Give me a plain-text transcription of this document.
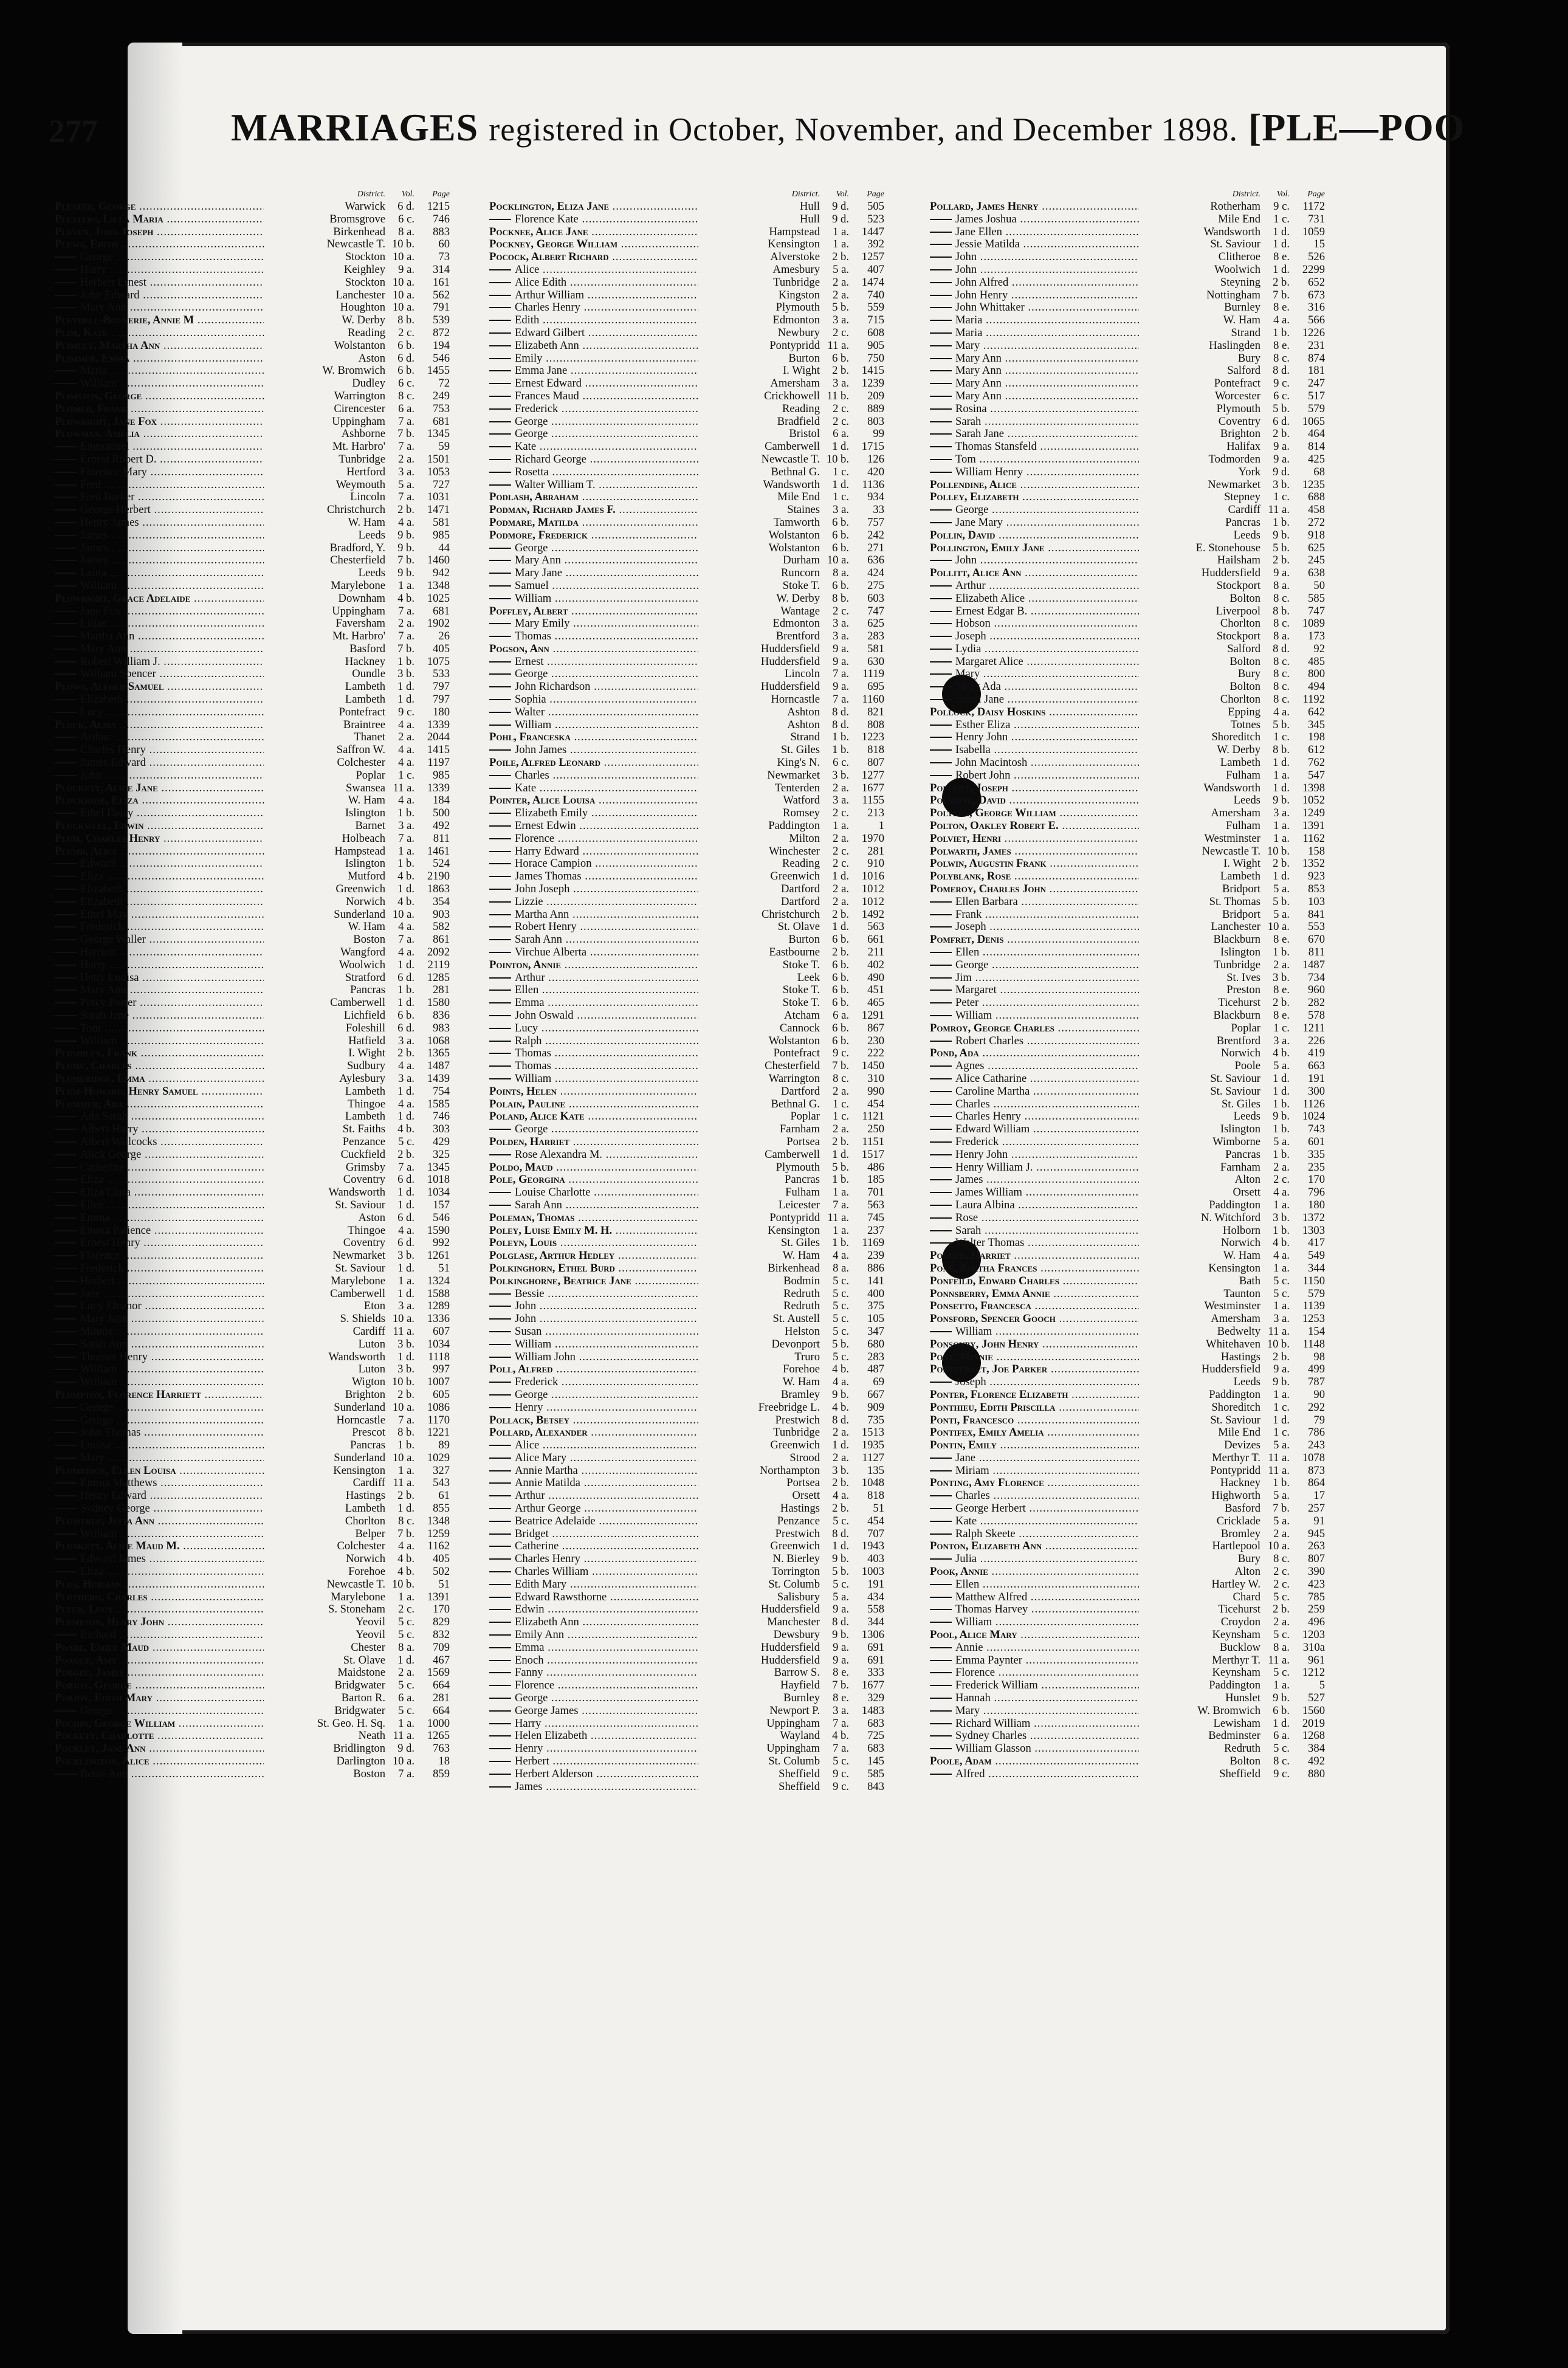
277	MARRIAGES registered in October, November, and December 1898. [PLE—POO
District.	Vol.	Page
Plester, George .....	Warwick	6 d.	1215
Plesters, Lilla Maria .....	Bromsgrove	6 c.	746
Pleven, John Joseph .....	Birkenhead	8 a.	883
Plews, Edith .....	Newcastle T. 10 b.	60
George .....	Stockton 10 a.	73
Harry .....	Keighley	9 a.	314
Herbert Ernest .....	Stockton 10 a.	161
John Edward .....	Lanchester 10 a.	562
Mary Ann .....	Houghton 10 a.	791
Pleydell-Bouverie, Annie M .....	W. Derby	8 b.	539
Plim, Kate .....	Reading	2 c.	872
Plimley, Martha Ann .....	Wolstanton	6 b.	194
Plimmer, Emma .....	Aston	6 d.	546
Maria .....	W. Bromwich	6 b.	1455
William .....	Dudley	6 c.	72
Plimston, George .....	Warrington	8 c.	249
Plomer, Frank .....	Cirencester	6 a.	753
Plowright, Jane Fox .....	Uppingham	7 a.	681
Plowman, Amelia .....	Ashborne	7 b.	1345
Emmanuel .....	Mt. Harbro'	7 a.	59
Ernest Robert D. .....	Tunbridge	2 a.	1501
Florence Mary .....	Hertford	3 a.	1053
Fred .....	Weymouth	5 a.	727
Fred Barker .....	Lincoln	7 a.	1031
George Herbert .....	Christchurch	2 b.	1471
Henry James .....	W. Ham	4 a.	581
James .....	Leeds	9 b.	985
James .....	Bradford, Y.	9 b.	44
James .....	Chesterfield	7 b.	1460
Laura .....	Leeds	9 b.	942
William .....	Marylebone	1 a.	1348
Plowright, Grace Adelaide .....	Downham	4 b.	1025
Jane Fox .....	Uppingham	7 a.	681
Lilian .....	Faversham	2 a.	1902
Martha Ann .....	Mt. Harbro'	7 a.	26
Mary Ann .....	Basford	7 b.	405
Robert William J. .....	Hackney	1 b.	1075
William Spencer .....	Oundle	3 b.	533
Plows, Alfred Samuel .....	Lambeth	1 d.	797
Elizabeth .....	Lambeth	1 d.	797
Lucy .....	Pontefract	9 c.	180
Pluck, Alma .....	Braintree	4 a.	1339
Arthur .....	Thanet	2 a.	2044
Charles Henry .....	Saffron W.	4 a.	1415
James Edward .....	Colchester	4 a.	1197
John .....	Poplar	1 c.	985
Pluckett, Alice Jane .....	Swansea 11 a.	1339
Pluckrose, Eliza .....	W. Ham	4 a.	184
Ethel Daisy .....	Islington	1 b.	500
Pluckwell, Edwin .....	Barnet	3 a.	492
Plum, Charles Henry .....	Holbeach	7 a.	811
Plumb, Alice .....	Hampstead	1 a.	1461
Edward .....	Islington	1 b.	524
Eliza .....	Mutford	4 b.	2190
Elizabeth .....	Greenwich	1 d.	1863
Elizabeth .....	Norwich	4 b.	354
Ethel May .....	Sunderland 10 a.	903
Frederick .....	W. Ham	4 a.	582
George Waller .....	Boston	7 a.	861
Harriett .....	Wangford	4 a.	2092
Harry .....	Woolwich	1 d.	2119
Hetty Louisa .....	Stratford	6 d.	1285
Mary Ann .....	Pancras	1 b.	281
Percy Porter .....	Camberwell	1 d.	1580
Sarah Jane .....	Lichfield	6 b.	836
Tom .....	Foleshill	6 d.	983
William .....	Hatfield	3 a.	1068
Plumbley, Frank .....	I. Wight	2 b.	1365
Plume, Charles .....	Sudbury	4 a.	1487
Plumeridge, Emma .....	Aylesbury	3 a.	1439
Plum-Howard, Henry Samuel .....	Lambeth	1 d.	754
Plummer, Ada .....	Thingoe	4 a.	1585
Ada Sarah .....	Lambeth	1 d.	746
Albert Harry .....	St. Faiths	4 b.	303
Albert Willcocks .....	Penzance	5 c.	429
Alick George .....	Cuckfield	2 b.	325
Catherine .....	Grimsby	7 a.	1345
Eliza .....	Coventry	6 d.	1018
Eliza Clara .....	Wandsworth	1 d.	1034
Ellen .....	St. Saviour	1 d.	157
Emma .....	Aston	6 d.	546
Emma Patience .....	Thingoe	4 a.	1590
Ernest Henry .....	Coventry	6 d.	992
Florence .....	Newmarket	3 b.	1261
Frederick .....	St. Saviour	1 d.	51
Herbert .....	Marylebone	1 a.	1324
Jane .....	Camberwell	1 d.	1588
Lucy Eleanor .....	Eton	3 a.	1289
Mary Jane .....	S. Shields 10 a.	1336
Minnie .....	Cardiff 11 a.	607
Sarah Ann .....	Luton	3 b.	1034
Thomas Henry .....	Wandsworth	1 d.	1118
William .....	Luton	3 b.	997
William .....	Wigton 10 b.	1007
Plumpton, Florence Harriett .....	Brighton	2 b.	605
George .....	Sunderland 10 a.	1086
George .....	Horncastle	7 a.	1170
John Thomas .....	Prescot	8 b.	1221
Louisa .....	Pancras	1 b.	89
Mary .....	Sunderland 10 a.	1029
Plumridge, Ellen Louisa .....	Kensington	1 a.	327
Emma Matthews .....	Cardiff 11 a.	543
Henry Edward .....	Hastings	2 b.	61
Sydney George .....	Lambeth	1 d.	855
Plumtree, Julia Ann .....	Chorlton	8 c.	1348
William .....	Belper	7 b.	1259
Plunkett, Alice Maud M. .....	Colchester	4 a.	1162
Edward James .....	Norwich	4 b.	405
Eliza .....	Forehoe	4 b.	502
Plus, Herman .....	Newcastle T. 10 b.	51
Pluthero, Charles .....	Marylebone	1 a.	1391
Plyer, Lucy .....	S. Stoneham	2 c.	170
Plympton, Henry John .....	Yeovil	5 c.	829
Richard .....	Yeovil	5 c.	832
Poade, Emily Maud .....	Chester	8 a.	709
Poague, Amy .....	St. Olave	1 d.	467
Pobgee, James .....	Maidstone	2 a.	1569
Pobjoy, George .....	Bridgwater	5 c.	664
Pobjoy, Edith Mary .....	Barton R.	6 a.	281
George .....	Bridgwater	5 c.	664
Pochin, George William .....	St. Geo. H. Sq.	1 a.	1000
Pockett, Charlotte .....	Neath 11 a.	1265
Pockley, Jane Ann .....	Bridlington	9 d.	763
Pocklington, Alice .....	Darlington 10 a.	18
Betsy Ann .....	Boston	7 a.	859
District.	Vol.	Page
Pocklington, Eliza Jane .....	Hull	9 d.	505
Florence Kate .....	Hull	9 d.	523
Pocknee, Alice Jane .....	Hampstead	1 a.	1447
Pockney, George William .....	Kensington	1 a.	392
Pocock, Albert Richard .....	Alverstoke	2 b.	1257
Alice .....	Amesbury	5 a.	407
Alice Edith .....	Tunbridge	2 a.	1474
Arthur William .....	Kingston	2 a.	740
Charles Henry .....	Plymouth	5 b.	559
Edith .....	Edmonton	3 a.	715
Edward Gilbert .....	Newbury	2 c.	608
Elizabeth Ann .....	Pontypridd 11 a.	905
Emily .....	Burton	6 b.	750
Emma Jane .....	I. Wight	2 b.	1415
Ernest Edward .....	Amersham	3 a.	1239
Frances Maud .....	Crickhowell 11 b.	209
Frederick .....	Reading	2 c.	889
George .....	Bradfield	2 c.	803
George .....	Bristol	6 a.	99
Kate .....	Camberwell	1 d.	1715
Richard George .....	Newcastle T. 10 b.	126
Rosetta .....	Bethnal G.	1 c.	420
Walter William T. .....	Wandsworth	1 d.	1136
Podlash, Abraham .....	Mile End	1 c.	934
Podman, Richard James F. .....	Staines	3 a.	33
Podmare, Matilda .....	Tamworth	6 b.	757
Podmore, Frederick .....	Wolstanton	6 b.	242
George .....	Wolstanton	6 b.	271
Mary Ann .....	Durham 10 a.	636
Mary Jane .....	Runcorn	8 a.	424
Samuel .....	Stoke T.	6 b.	275
William .....	W. Derby	8 b.	603
Poffley, Albert .....	Wantage	2 c.	747
Mary Emily .....	Edmonton	3 a.	625
Thomas .....	Brentford	3 a.	283
Pogson, Ann .....	Huddersfield	9 a.	581
Ernest .....	Huddersfield	9 a.	630
George .....	Lincoln	7 a.	1119
John Richardson .....	Huddersfield	9 a.	695
Sophia .....	Horncastle	7 a.	1160
Walter .....	Ashton	8 d.	821
William .....	Ashton	8 d.	808
Pohl, Franceska .....	Strand	1 b.	1223
John James .....	St. Giles	1 b.	818
Poile, Alfred Leonard .....	King's N.	6 c.	807
Charles .....	Newmarket	3 b.	1277
Kate .....	Tenterden	2 a.	1677
Pointer, Alice Louisa .....	Watford	3 a.	1155
Elizabeth Emily .....	Romsey	2 c.	213
Ernest Edwin .....	Paddington	1 a.	1
Florence .....	Milton	2 a.	1970
Harry Edward .....	Winchester	2 c.	281
Horace Campion .....	Reading	2 c.	910
James Thomas .....	Greenwich	1 d.	1016
John Joseph .....	Dartford	2 a.	1012
Lizzie .....	Dartford	2 a.	1012
Martha Ann .....	Christchurch	2 b.	1492
Robert Henry .....	St. Olave	1 d.	563
Sarah Ann .....	Burton	6 b.	661
Virchue Alberta .....	Eastbourne	2 b.	211
Pointon, Annie .....	Stoke T.	6 b.	402
Arthur .....	Leek	6 b.	490
Ellen .....	Stoke T.	6 b.	451
Emma .....	Stoke T.	6 b.	465
John Oswald .....	Atcham	6 a.	1291
Lucy .....	Cannock	6 b.	867
Ralph .....	Wolstanton	6 b.	230
Thomas .....	Pontefract	9 c.	222
Thomas .....	Chesterfield	7 b.	1450
William .....	Warrington	8 c.	310
Points, Helen .....	Dartford	2 a.	990
Polain, Pauline .....	Bethnal G.	1 c.	454
Poland, Alice Kate .....	Poplar	1 c.	1121
George .....	Farnham	2 a.	250
Polden, Harriet .....	Portsea	2 b.	1151
Rose Alexandra M. .....	Camberwell	1 d.	1517
Poldo, Maud .....	Plymouth	5 b.	486
Pole, Georgina .....	Pancras	1 b.	185
Louise Charlotte .....	Fulham	1 a.	701
Sarah Ann .....	Leicester	7 a.	563
Poleman, Thomas .....	Pontypridd 11 a.	745
Poley, Luise Emily M. H. .....	Kensington	1 a.	237
Poleyn, Louis .....	St. Giles	1 b.	1169
Polglase, Arthur Hedley .....	W. Ham	4 a.	239
Polkinghorn, Ethel Burd .....	Birkenhead	8 a.	886
Polkinghorne, Beatrice Jane .....	Bodmin	5 c.	141
Bessie .....	Redruth	5 c.	400
John .....	Redruth	5 c.	375
John .....	St. Austell	5 c.	105
Susan .....	Helston	5 c.	347
William .....	Devonport	5 b.	680
William John .....	Truro	5 c.	283
Poll, Alfred .....	Forehoe	4 b.	487
Frederick .....	W. Ham	4 a.	69
George .....	Bramley	9 b.	667
Henry .....	Freebridge L.	4 b.	909
Pollack, Betsey .....	Prestwich	8 d.	735
Pollard, Alexander .....	Tunbridge	2 a.	1513
Alice .....	Greenwich	1 d.	1935
Alice Mary .....	Strood	2 a.	1127
Annie Martha .....	Northampton	3 b.	135
Annie Matilda .....	Portsea	2 b.	1048
Arthur .....	Orsett	4 a.	818
Arthur George .....	Hastings	2 b.	51
Beatrice Adelaide .....	Penzance	5 c.	454
Bridget .....	Prestwich	8 d.	707
Catherine .....	Greenwich	1 d.	1943
Charles Henry .....	N. Bierley	9 b.	403
Charles William .....	Torrington	5 b.	1003
Edith Mary .....	St. Columb	5 c.	191
Edward Rawsthorne .....	Salisbury	5 a.	434
Edwin .....	Huddersfield	9 a.	558
Elizabeth Ann .....	Manchester	8 d.	344
Emily Ann .....	Dewsbury	9 b.	1306
Emma .....	Huddersfield	9 a.	691
Enoch .....	Huddersfield	9 a.	691
Fanny .....	Barrow S.	8 e.	333
Florence .....	Hayfield	7 b.	1677
George .....	Burnley	8 e.	329
George James .....	Newport P.	3 a.	1483
Harry .....	Uppingham	7 a.	683
Helen Elizabeth .....	Wayland	4 b.	725
Henry .....	Uppingham	7 a.	683
Herbert .....	St. Columb	5 c.	145
Herbert Alderson .....	Sheffield	9 c.	585
James .....	Sheffield	9 c.	843
District.	Vol.	Page
Pollard, James Henry .....	Rotherham	9 c.	1172
James Joshua .....	Mile End	1 c.	731
Jane Ellen .....	Wandsworth	1 d.	1059
Jessie Matilda .....	St. Saviour	1 d.	15
John .....	Clitheroe	8 e.	526
John .....	Woolwich	1 d.	2299
John Alfred .....	Steyning	2 b.	652
John Henry .....	Nottingham	7 b.	673
John Whittaker .....	Burnley	8 e.	316
Maria .....	W. Ham	4 a.	566
Maria .....	Strand	1 b.	1226
Mary .....	Haslingden	8 e.	231
Mary Ann .....	Bury	8 c.	874
Mary Ann .....	Salford	8 d.	181
Mary Ann .....	Pontefract	9 c.	247
Mary Ann .....	Worcester	6 c.	517
Rosina .....	Plymouth	5 b.	579
Sarah .....	Coventry	6 d.	1065
Sarah Jane .....	Brighton	2 b.	464
Thomas Stansfeld .....	Halifax	9 a.	814
Tom .....	Todmorden	9 a.	425
William Henry .....	York	9 d.	68
Pollendine, Alice .....	Newmarket	3 b.	1235
Polley, Elizabeth .....	Stepney	1 c.	688
George .....	Cardiff 11 a.	458
Jane Mary .....	Pancras	1 b.	272
Pollin, David .....	Leeds	9 b.	918
Pollington, Emily Jane .....	E. Stonehouse	5 b.	625
John .....	Hailsham	2 b.	245
Pollitt, Alice Ann .....	Huddersfield	9 a.	638
Arthur .....	Stockport	8 a.	50
Elizabeth Alice .....	Bolton	8 c.	585
Ernest Edgar B. .....	Liverpool	8 b.	747
Hobson .....	Chorlton	8 c.	1089
Joseph .....	Stockport	8 a.	173
Lydia .....	Salford	8 d.	92
Margaret Alice .....	Bolton	8 c.	485
Mary .....	Bury	8 c.	800
Mary Ada .....	Bolton	8 c.	494
Sarah Jane .....	Chorlton	8 c.	1192
Pollock, Daisy Hoskins .....	Epping	4 a.	642
Esther Eliza .....	Totnes	5 b.	345
Henry John .....	Shoreditch	1 c.	198
Isabella .....	W. Derby	8 b.	612
John Macintosh .....	Lambeth	1 d.	762
Robert John .....	Fulham	1 a.	547
Pollott, Joseph .....	Wandsworth	1 d.	1398
Polshine, David .....	Leeds	9 b.	1052
Poltern, George William .....	Amersham	3 a.	1249
Polton, Oakley Robert E. .....	Fulham	1 a.	1391
Polviet, Henri .....	Westminster	1 a.	1162
Polwarth, James .....	Newcastle T. 10 b.	158
Polwin, Augustin Frank .....	I. Wight	2 b.	1352
Polyblank, Rose .....	Lambeth	1 d.	923
Pomeroy, Charles John .....	Bridport	5 a.	853
Ellen Barbara .....	St. Thomas	5 b.	103
Frank .....	Bridport	5 a.	841
Joseph .....	Lanchester 10 a.	553
Pomfret, Denis .....	Blackburn	8 e.	670
Ellen .....	Islington	1 b.	811
George .....	Tunbridge	2 a.	1487
Jim .....	St. Ives	3 b.	734
Margaret .....	Preston	8 e.	960
Peter .....	Ticehurst	2 b.	282
William .....	Blackburn	8 e.	578
Pomroy, George Charles .....	Poplar	1 c.	1211
Robert Charles .....	Brentford	3 a.	226
Pond, Ada .....	Norwich	4 b.	419
Agnes .....	Poole	5 a.	663
Alice Catharine .....	St. Saviour	1 d.	191
Caroline Martha .....	St. Saviour	1 d.	300
Charles .....	St. Giles	1 b.	1126
Charles Henry .....	Leeds	9 b.	1024
Edward William .....	Islington	1 b.	743
Frederick .....	Wimborne	5 a.	601
Henry John .....	Pancras	1 b.	335
Henry William J. .....	Farnham	2 a.	235
James .....	Alton	2 c.	170
James William .....	Orsett	4 a.	796
Laura Albina .....	Paddington	1 a.	180
Rose .....	N. Witchford	3 b.	1372
Sarah .....	Holborn	1 b.	1303
Walter Thomas .....	Norwich	4 b.	417
Ponder, Harriet .....	W. Ham	4 a.	549
Poné, Bertha Frances .....	Kensington	1 a.	344
Ponfeild, Edward Charles .....	Bath	5 c.	1150
Ponnsberry, Emma Annie .....	Taunton	5 c.	579
Ponsetto, Francesca .....	Westminster	1 a.	1139
Ponsford, Spencer Gooch .....	Amersham	3 a.	1253
William .....	Bedwelty 11 a.	154
Ponsonby, John Henry .....	Whitehaven 10 b.	1148
Pont, Minnie .....	Hastings	2 b.	98
Pontefract, Joe Parker .....	Huddersfield	9 a.	499
Joseph .....	Leeds	9 b.	787
Ponter, Florence Elizabeth .....	Paddington	1 a.	90
Ponthieu, Edith Priscilla .....	Shoreditch	1 c.	292
Ponti, Francesco .....	St. Saviour	1 d.	79
Pontifex, Emily Amelia .....	Mile End	1 c.	786
Pontin, Emily .....	Devizes	5 a.	243
Jane .....	Merthyr T. 11 a.	1078
Miriam .....	Pontypridd 11 a.	873
Ponting, Amy Florence .....	Hackney	1 b.	864
Charles .....	Highworth	5 a.	17
George Herbert .....	Basford	7 b.	257
Kate .....	Cricklade	5 a.	91
Ralph Skeete .....	Bromley	2 a.	945
Ponton, Elizabeth Ann .....	Hartlepool 10 a.	263
Julia .....	Bury	8 c.	807
Pook, Annie .....	Alton	2 c.	390
Ellen .....	Hartley W.	2 c.	423
Matthew Alfred .....	Chard	5 c.	785
Thomas Harvey .....	Ticehurst	2 b.	259
William .....	Croydon	2 a.	496
Pool, Alice Mary .....	Keynsham	5 c.	1203
Annie .....	Bucklow	8 a.	310a
Emma Paynter .....	Merthyr T. 11 a.	961
Florence .....	Keynsham	5 c.	1212
Frederick William .....	Paddington	1 a.	5
Hannah .....	Hunslet	9 b.	527
Mary .....	W. Bromwich	6 b.	1560
Richard William .....	Lewisham	1 d.	2019
Sydney Charles .....	Bedminster	6 a.	1268
William Glasson .....	Redruth	5 c.	384
Poole, Adam .....	Bolton	8 c.	492
Alfred .....	Sheffield	9 c.	880
